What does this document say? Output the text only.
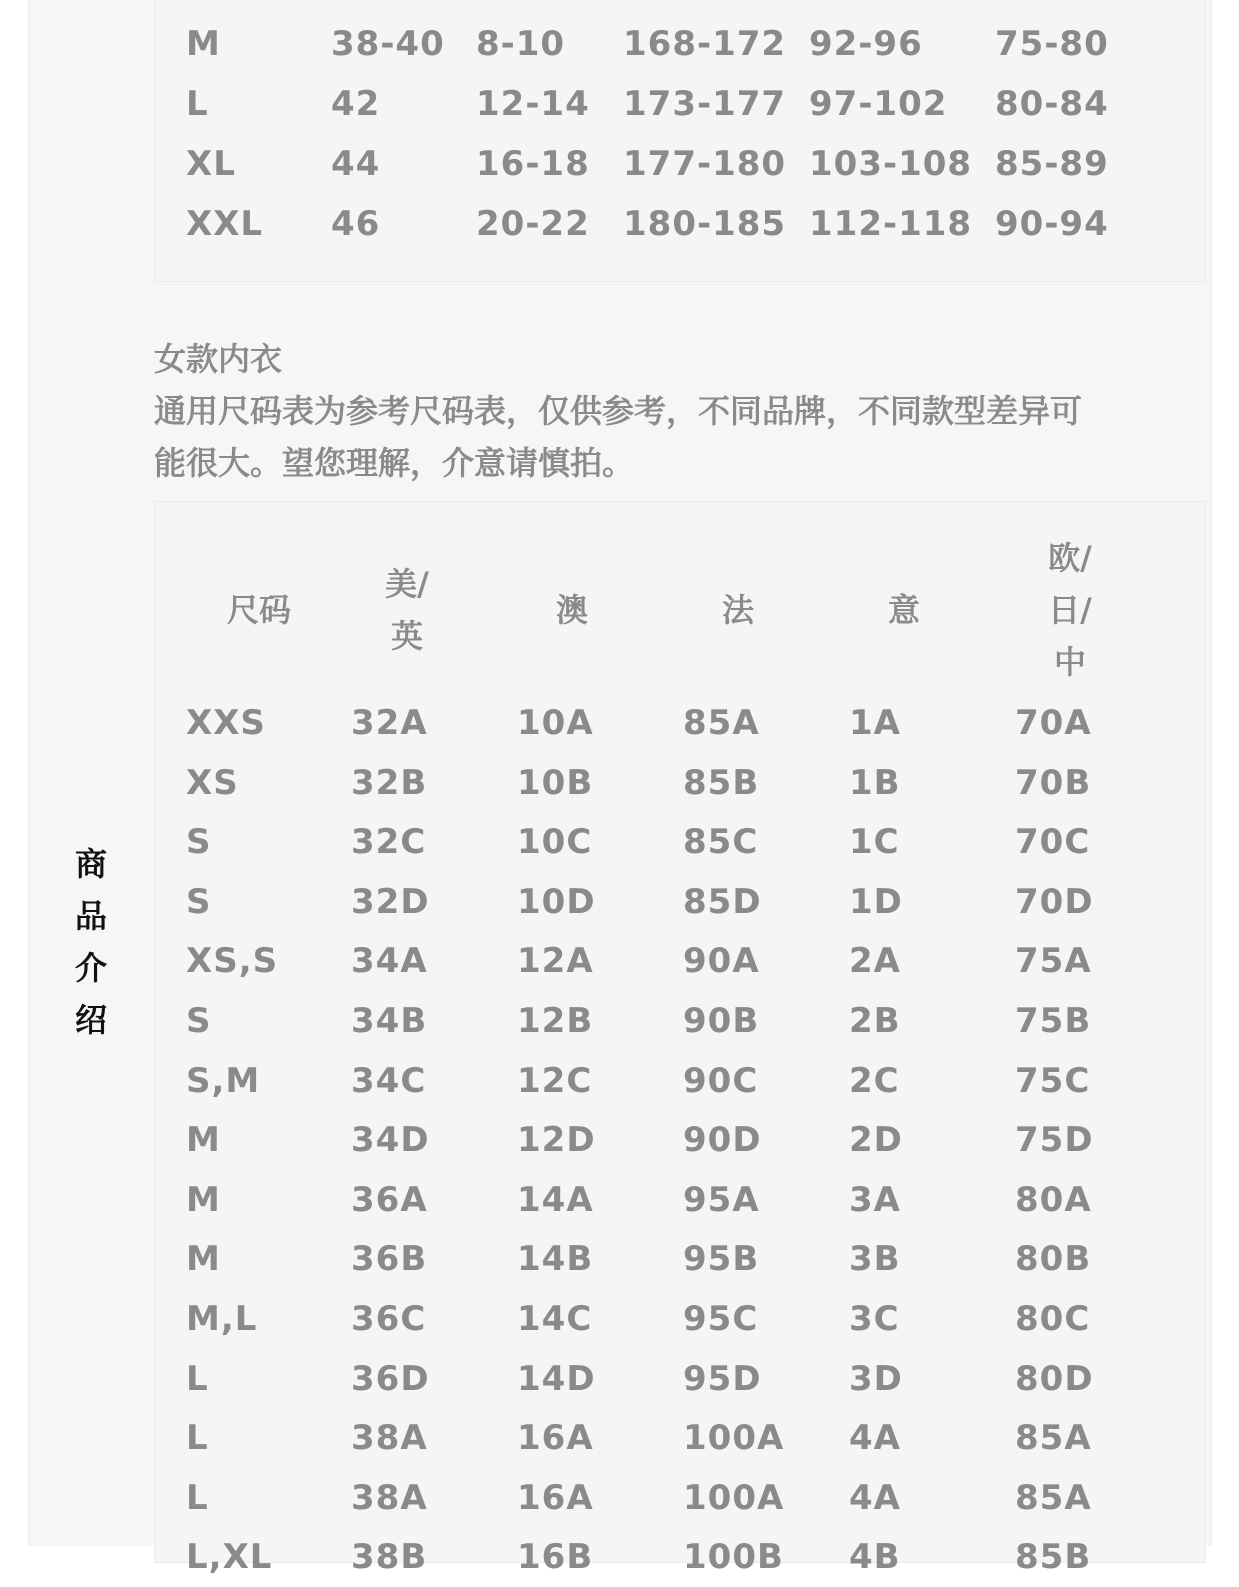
商
品
介
绍
M	38-40 8-10 168-172 92-96 75-80
L	42	12-14 173-177 97-102 80-84
XL	44	16-18 177-180 103-108 85-89
XXL 46	20-22 180-185 112-118 90-94
女款内衣
通用尺码表为参考尺码表，仅供参考，不同品牌，不同款型差异可
能很大。望您理解，介意请慎拍。
尺码
美/
英
澳	法	意
欧/
日/
中
XXS	32A	10A	85A	1A	70A
XS	32B	10B	85B	1B	70B
S	32C	10C	85C	1C	70C
S	32D	10D	85D	1D	70D
XS,S 34A	12A	90A	2A	75A
S	34B	12B	90B	2B	75B
S,M	34C	12C	90C	2C	75C
M	34D	12D	90D	2D	75D
M	36A	14A	95A	3A	80A
M	36B	14B	95B	3B	80B
M,L	36C	14C	95C	3C	80C
L	36D	14D	95D	3D	80D
L	38A	16A	100A 4A	85A
L	38A	16A	100A 4A	85A
L,XL 38B	16B	100B 4B	85B
